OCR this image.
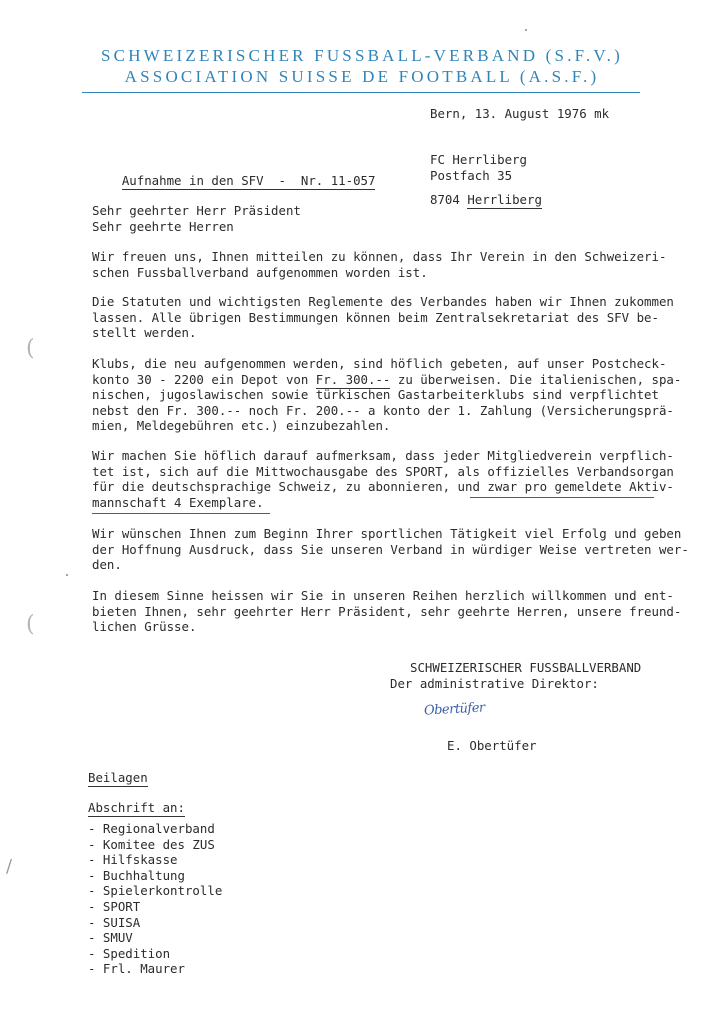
SCHWEIZERISCHER FUSSBALL-VERBAND (S.F.V.)
ASSOCIATION SUISSE DE FOOTBALL (A.S.F.)
Bern, 13. August 1976 mk

Aufnahme in den SFV  -  Nr. 11-057

FC Herrliberg
Postfach 35
8704 Herrliberg
Sehr geehrter Herr Präsident
Sehr geehrte Herren
Wir freuen uns, Ihnen mitteilen zu können, dass Ihr Verein in den Schweizeri-
schen Fussballverband aufgenommen worden ist.
Die Statuten und wichtigsten Reglemente des Verbandes haben wir Ihnen zukommen
lassen. Alle übrigen Bestimmungen können beim Zentralsekretariat des SFV be-
stellt werden.
Klubs, die neu aufgenommen werden, sind höflich gebeten, auf unser Postcheck-
konto 30 - 2200 ein Depot von Fr. 300.-- zu überweisen. Die italienischen, spa-
nischen, jugoslawischen sowie türkischen Gastarbeiterklubs sind verpflichtet
nebst den Fr. 300.-- noch Fr. 200.-- a konto der 1. Zahlung (Versicherungsprä-
mien, Meldegebühren etc.) einzubezahlen.
Wir machen Sie höflich darauf aufmerksam, dass jeder Mitgliedverein verpflich-
tet ist, sich auf die Mittwochausgabe des SPORT, als offizielles Verbandsorgan
für die deutschsprachige Schweiz, zu abonnieren, und zwar pro gemeldete Aktiv-
mannschaft 4 Exemplare.
Wir wünschen Ihnen zum Beginn Ihrer sportlichen Tätigkeit viel Erfolg und geben
der Hoffnung Ausdruck, dass Sie unseren Verband in würdiger Weise vertreten wer-
den.
In diesem Sinne heissen wir Sie in unseren Reihen herzlich willkommen und ent-
bieten Ihnen, sehr geehrter Herr Präsident, sehr geehrte Herren, unsere freund-
lichen Grüsse.
SCHWEIZERISCHER FUSSBALLVERBAND
Der administrative Direktor:
Obertüfer
E. Obertüfer
Beilagen
Abschrift an:
- Regionalverband
- Komitee des ZUS
- Hilfskasse
- Buchhaltung
- Spielerkontrolle
- SPORT
- SUISA
- SMUV
- Spedition
- Frl. Maurer
(
(
/
